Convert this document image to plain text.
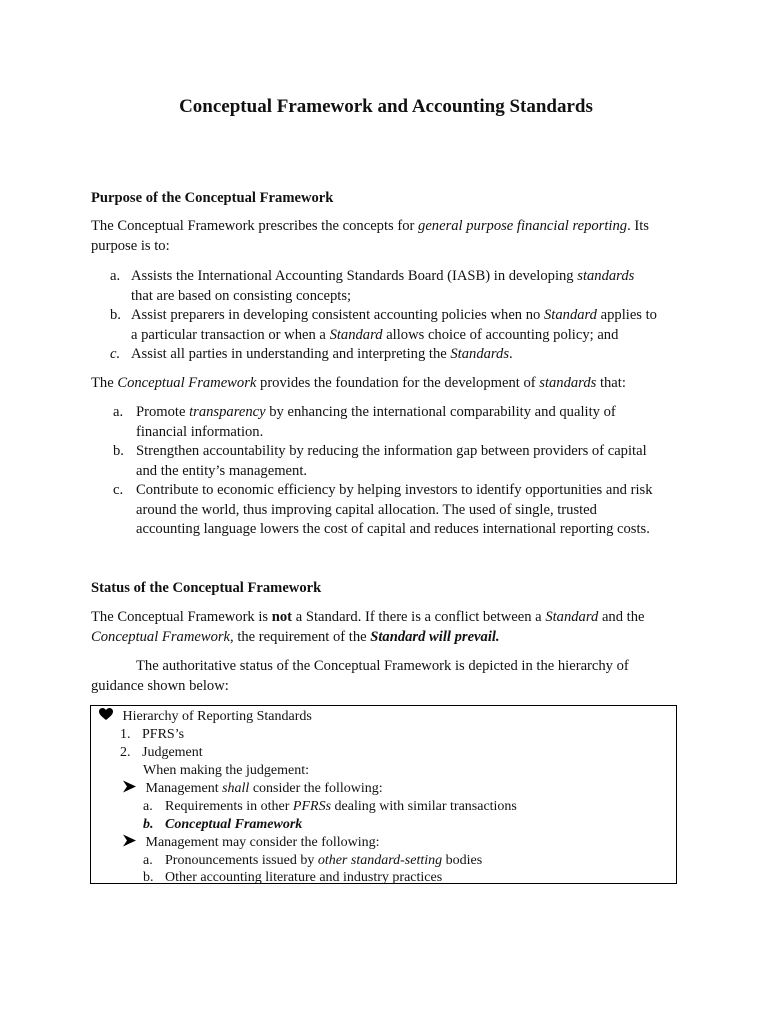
Conceptual Framework and Accounting Standards
Purpose of the Conceptual Framework
The Conceptual Framework prescribes the concepts for general purpose financial reporting. Its
purpose is to:
a. Assists the International Accounting Standards Board (IASB) in developing standards
that are based on consisting concepts;
b. Assist preparers in developing consistent accounting policies when no Standard applies to
a particular transaction or when a Standard allows choice of accounting policy; and
c. Assist all parties in understanding and interpreting the Standards.
The Conceptual Framework provides the foundation for the development of standards that:
a. Promote transparency by enhancing the international comparability and quality of
financial information.
b. Strengthen accountability by reducing the information gap between providers of capital
and the entity’s management.
c. Contribute to economic efficiency by helping investors to identify opportunities and risk
around the world, thus improving capital allocation. The used of single, trusted
accounting language lowers the cost of capital and reduces international reporting costs.
Status of the Conceptual Framework
The Conceptual Framework is not a Standard. If there is a conflict between a Standard and the
Conceptual Framework, the requirement of the Standard will prevail.
The authoritative status of the Conceptual Framework is depicted in the hierarchy of
guidance shown below:
Hierarchy of Reporting Standards
1. PFRS’s
2. Judgement
When making the judgement:
Management shall consider the following:
a. Requirements in other PFRSs dealing with similar transactions
b. Conceptual Framework
Management may consider the following:
a. Pronouncements issued by other standard-setting bodies
b. Other accounting literature and industry practices
